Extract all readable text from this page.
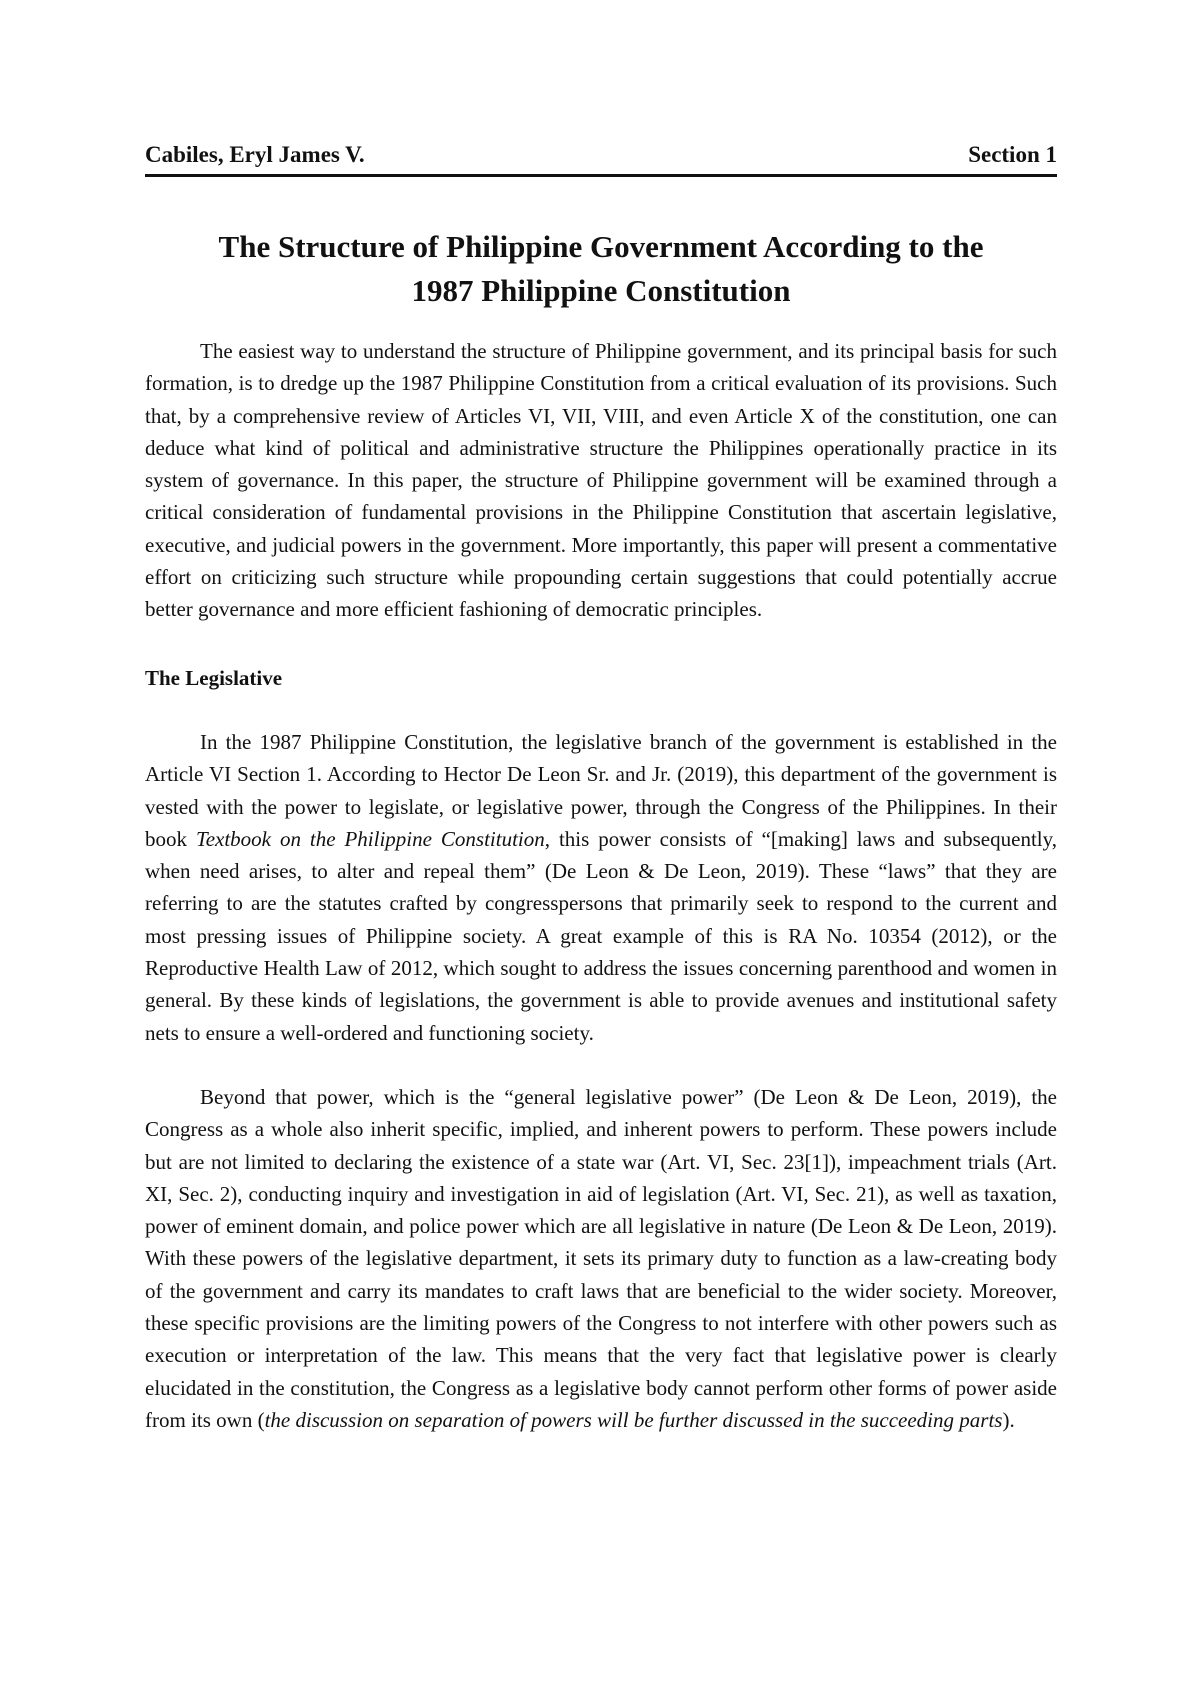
Cabiles, Eryl James V.	Section 1
The Structure of Philippine Government According to the
1987 Philippine Constitution

The easiest way to understand the structure of Philippine government, and its principal basis for such formation, is to dredge up the 1987 Philippine Constitution from a critical evaluation of its provisions. Such that, by a comprehensive review of Articles VI, VII, VIII, and even Article X of the constitution, one can deduce what kind of political and administrative structure the Philippines operationally practice in its system of governance. In this paper, the structure of Philippine government will be examined through a critical consideration of fundamental provisions in the Philippine Constitution that ascertain legislative, executive, and judicial powers in the government. More importantly, this paper will present a commentative effort on criticizing such structure while propounding certain suggestions that could potentially accrue better governance and more efficient fashioning of democratic principles.

The Legislative

In the 1987 Philippine Constitution, the legislative branch of the government is established in the Article VI Section 1. According to Hector De Leon Sr. and Jr. (2019), this department of the government is vested with the power to legislate, or legislative power, through the Congress of the Philippines. In their book Textbook on the Philippine Constitution, this power consists of “[making] laws and subsequently, when need arises, to alter and repeal them” (De Leon & De Leon, 2019). These “laws” that they are referring to are the statutes crafted by congresspersons that primarily seek to respond to the current and most pressing issues of Philippine society. A great example of this is RA No. 10354 (2012), or the Reproductive Health Law of 2012, which sought to address the issues concerning parenthood and women in general. By these kinds of legislations, the government is able to provide avenues and institutional safety nets to ensure a well-ordered and functioning society.

Beyond that power, which is the “general legislative power” (De Leon & De Leon, 2019), the Congress as a whole also inherit specific, implied, and inherent powers to perform. These powers include but are not limited to declaring the existence of a state war (Art. VI, Sec. 23[1]), impeachment trials (Art. XI, Sec. 2), conducting inquiry and investigation in aid of legislation (Art. VI, Sec. 21), as well as taxation, power of eminent domain, and police power which are all legislative in nature (De Leon & De Leon, 2019). With these powers of the legislative department, it sets its primary duty to function as a law-creating body of the government and carry its mandates to craft laws that are beneficial to the wider society. Moreover, these specific provisions are the limiting powers of the Congress to not interfere with other powers such as execution or interpretation of the law. This means that the very fact that legislative power is clearly elucidated in the constitution, the Congress as a legislative body cannot perform other forms of power aside from its own (the discussion on separation of powers will be further discussed in the succeeding parts).
